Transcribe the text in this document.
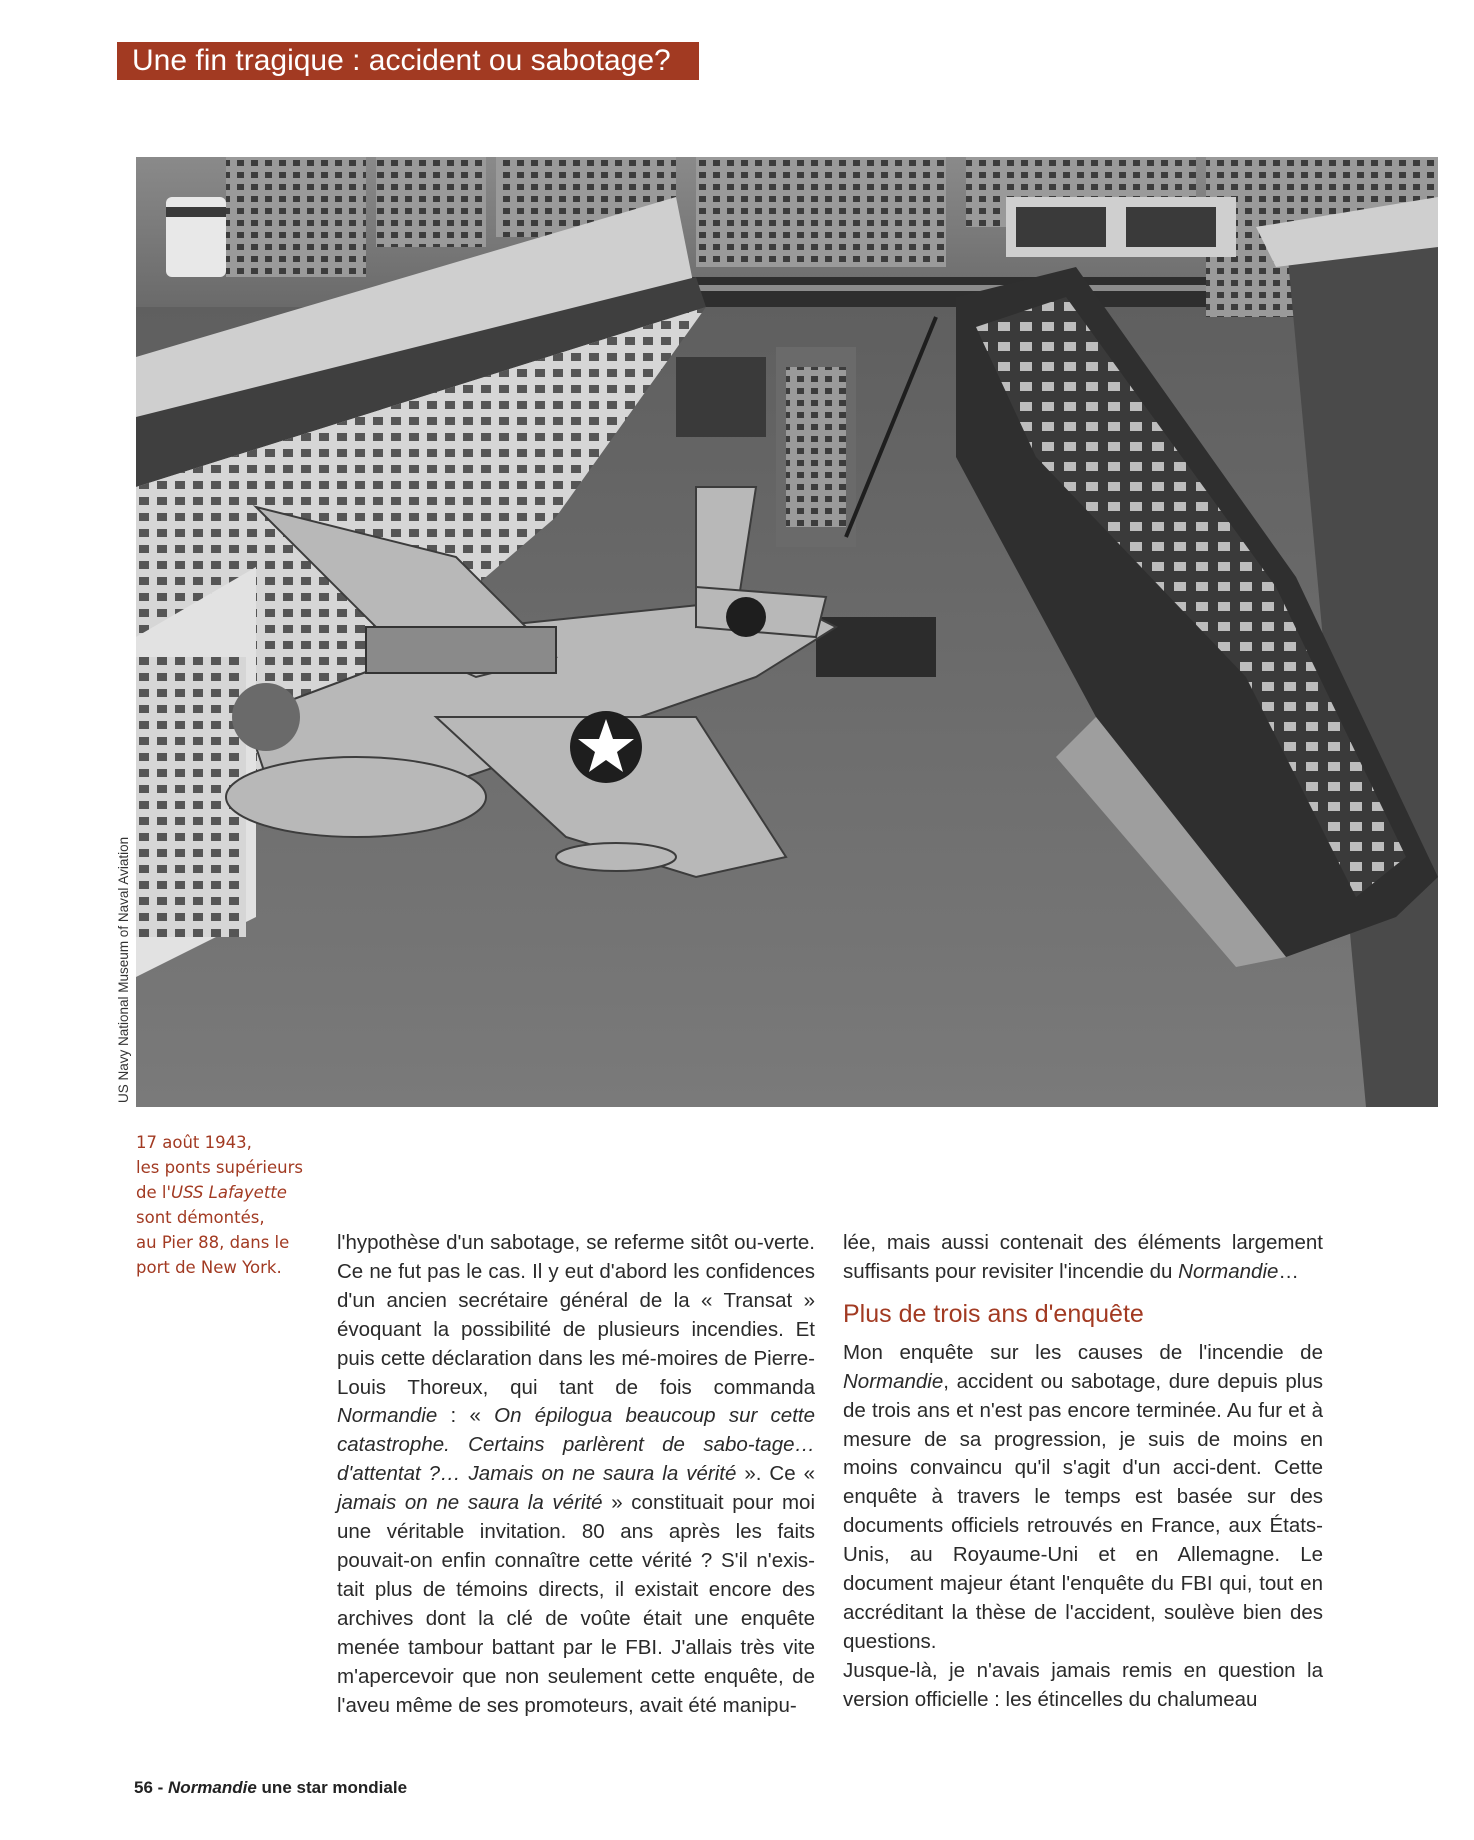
Une fin tragique : accident ou sabotage?
US Navy National Museum of Naval Aviation
17 août 1943,
les ponts supérieurs
de l'USS Lafayette
sont démontés,
au Pier 88, dans le
port de New York.

l'hypothèse d'un sabotage, se referme sitôt ou-verte. Ce ne fut pas le cas. Il y eut d'abord les confidences d'un ancien secrétaire général de la « Transat » évoquant la possibilité de plusieurs incendies. Et puis cette déclaration dans les mé-moires de Pierre-Louis Thoreux, qui tant de fois commanda Normandie : « On épilogua beaucoup sur cette catastrophe. Certains parlèrent de sabo-tage… d'attentat ?… Jamais on ne saura la vérité ». Ce « jamais on ne saura la vérité » constituait pour moi une véritable invitation. 80 ans après les faits pouvait-on enfin connaître cette vérité ? S'il n'exis-tait plus de témoins directs, il existait encore des archives dont la clé de voûte était une enquête menée tambour battant par le FBI. J'allais très vite m'apercevoir que non seulement cette enquête, de l'aveu même de ses promoteurs, avait été manipu-

lée, mais aussi contenait des éléments largement suffisants pour revisiter l'incendie du Normandie…

Plus de trois ans d'enquête

Mon enquête sur les causes de l'incendie de Normandie, accident ou sabotage, dure depuis plus de trois ans et n'est pas encore terminée. Au fur et à mesure de sa progression, je suis de moins en moins convaincu qu'il s'agit d'un acci-dent. Cette enquête à travers le temps est basée sur des documents officiels retrouvés en France, aux États-Unis, au Royaume-Uni et en Allemagne. Le document majeur étant l'enquête du FBI qui, tout en accréditant la thèse de l'accident, soulève bien des questions.

Jusque-là, je n'avais jamais remis en question la version officielle : les étincelles du chalumeau

56 - Normandie une star mondiale
